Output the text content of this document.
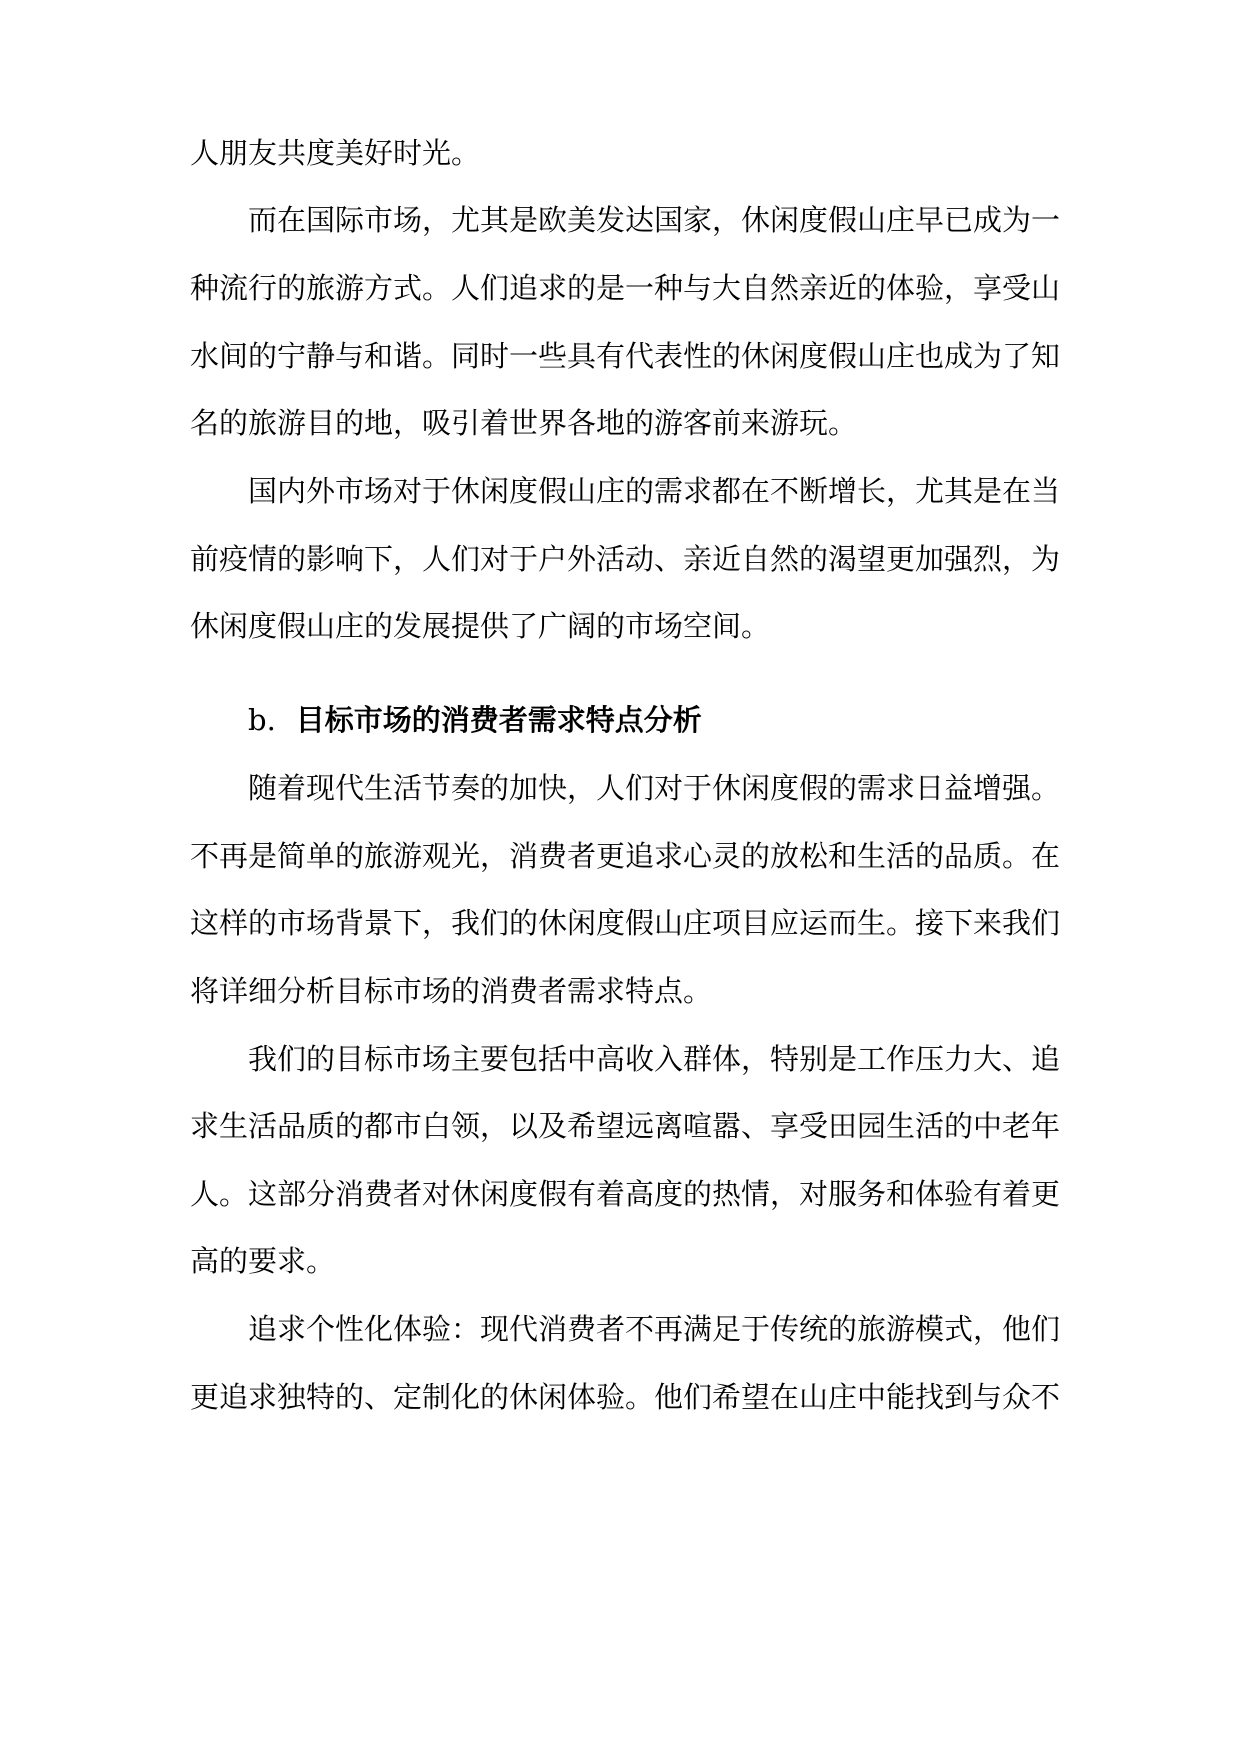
人朋友共度美好时光。
而在国际市场，尤其是欧美发达国家，休闲度假山庄早已成为一
种流行的旅游方式。人们追求的是一种与大自然亲近的体验，享受山
水间的宁静与和谐。同时一些具有代表性的休闲度假山庄也成为了知
名的旅游目的地，吸引着世界各地的游客前来游玩。
国内外市场对于休闲度假山庄的需求都在不断增长，尤其是在当
前疫情的影响下，人们对于户外活动、亲近自然的渴望更加强烈，为
休闲度假山庄的发展提供了广阔的市场空间。
b. 目标市场的消费者需求特点分析
随着现代生活节奏的加快，人们对于休闲度假的需求日益增强。
不再是简单的旅游观光，消费者更追求心灵的放松和生活的品质。在
这样的市场背景下，我们的休闲度假山庄项目应运而生。接下来我们
将详细分析目标市场的消费者需求特点。
我们的目标市场主要包括中高收入群体，特别是工作压力大、追
求生活品质的都市白领，以及希望远离喧嚣、享受田园生活的中老年
人。这部分消费者对休闲度假有着高度的热情，对服务和体验有着更
高的要求。
追求个性化体验：现代消费者不再满足于传统的旅游模式，他们
更追求独特的、定制化的休闲体验。他们希望在山庄中能找到与众不
